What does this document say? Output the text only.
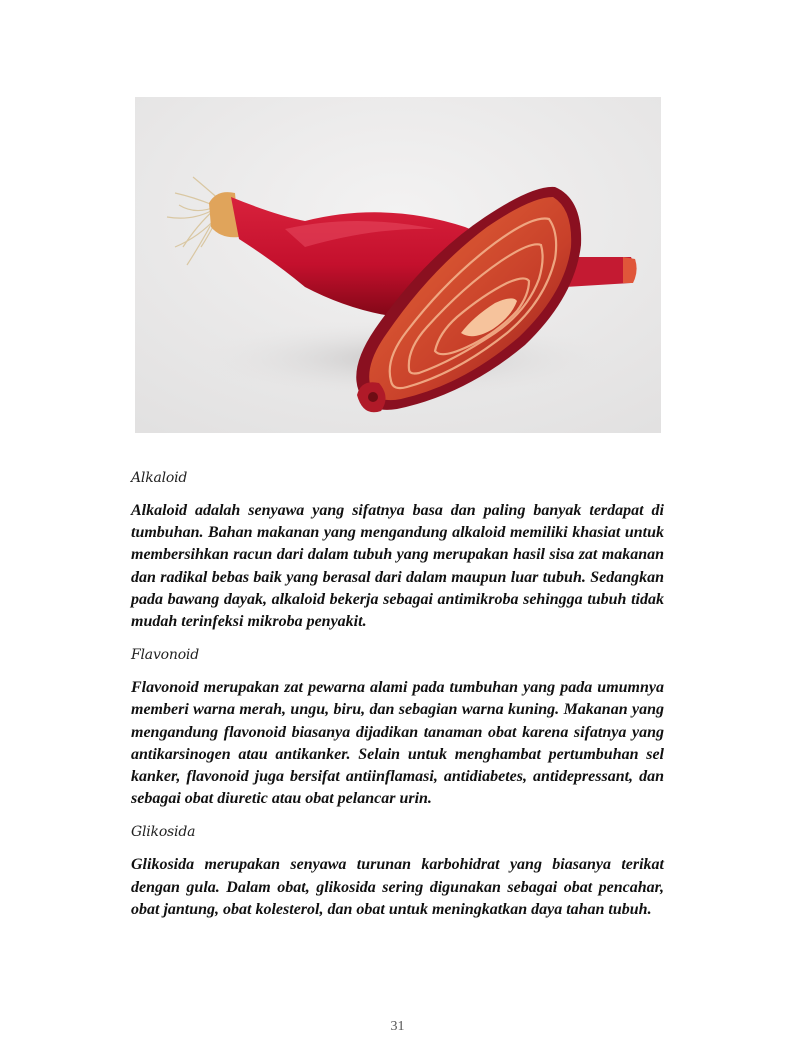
Alkaloid

Alkaloid adalah senyawa yang sifatnya basa dan paling banyak terdapat di tumbuhan. Bahan makanan yang mengandung alkaloid memiliki khasiat untuk membersihkan racun dari dalam tubuh yang merupakan hasil sisa zat makanan dan radikal bebas baik yang berasal dari dalam maupun luar tubuh. Sedangkan pada bawang dayak, alkaloid bekerja sebagai antimikroba sehingga tubuh tidak mudah terinfeksi mikroba penyakit.

Flavonoid

Flavonoid merupakan zat pewarna alami pada tumbuhan yang pada umumnya memberi warna merah, ungu, biru, dan sebagian warna kuning. Makanan yang mengandung flavonoid biasanya dijadikan tanaman obat karena sifatnya yang antikarsinogen atau antikanker. Selain untuk menghambat pertumbuhan sel kanker, flavonoid juga bersifat antiinflamasi, antidiabetes, antidepressant, dan sebagai obat diuretic atau obat pelancar urin.

Glikosida

Glikosida merupakan senyawa turunan karbohidrat yang biasanya terikat dengan gula. Dalam obat, glikosida sering digunakan sebagai obat pencahar, obat jantung, obat kolesterol, dan obat untuk meningkatkan daya tahan tubuh.

31
